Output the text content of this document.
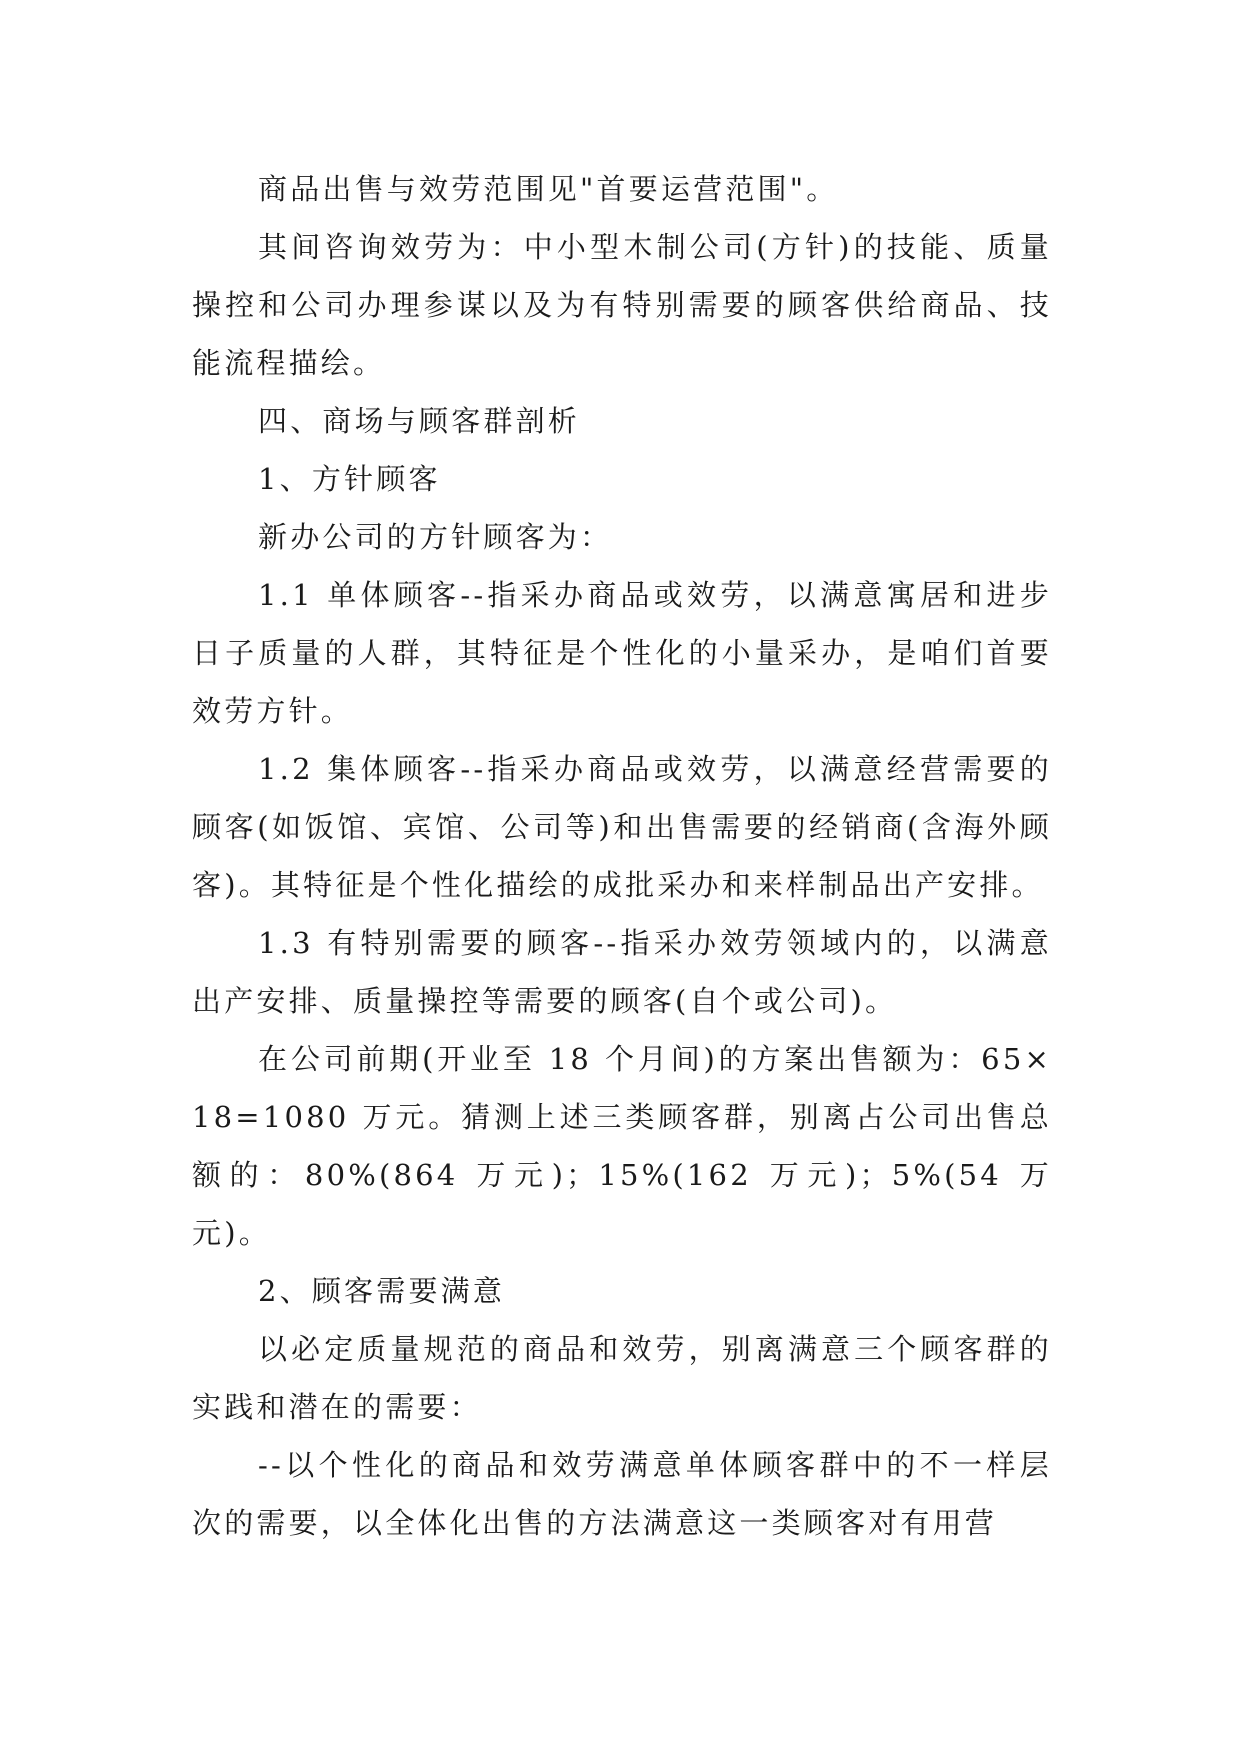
商品出售与效劳范围见"首要运营范围"。

其间咨询效劳为：中小型木制公司(方针)的技能、质量操控和公司办理参谋以及为有特别需要的顾客供给商品、技能流程描绘。

四、商场与顾客群剖析

1、方针顾客

新办公司的方针顾客为：

1.1 单体顾客--指采办商品或效劳，以满意寓居和进步日子质量的人群，其特征是个性化的小量采办，是咱们首要效劳方针。

1.2 集体顾客--指采办商品或效劳，以满意经营需要的顾客(如饭馆、宾馆、公司等)和出售需要的经销商(含海外顾客)。其特征是个性化描绘的成批采办和来样制品出产安排。

1.3 有特别需要的顾客--指采办效劳领域内的，以满意出产安排、质量操控等需要的顾客(自个或公司)。

在公司前期(开业至 18 个月间)的方案出售额为：65×18=1080 万元。猜测上述三类顾客群，别离占公司出售总额的：80%(864 万元)；15%(162 万元)；5%(54 万元)。

2、顾客需要满意

以必定质量规范的商品和效劳，别离满意三个顾客群的实践和潜在的需要：

--以个性化的商品和效劳满意单体顾客群中的不一样层次的需要，以全体化出售的方法满意这一类顾客对有用营
